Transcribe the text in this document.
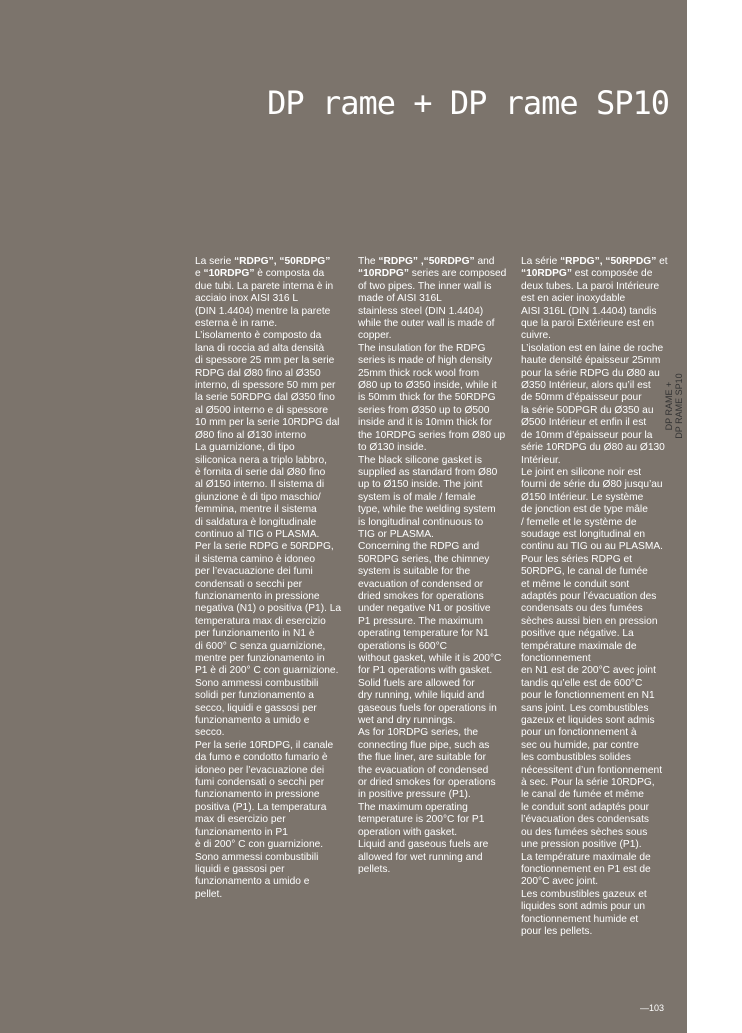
DP rame + DP rame SP10

La serie “RDPG”, “50RDPG”
e “10RDPG” è composta da
due tubi. La parete interna è in
acciaio inox AISI 316 L
(DIN 1.4404) mentre la parete
esterna è in rame.
L’isolamento è composto da
lana di roccia ad alta densità
di spessore 25 mm per la serie
RDPG dal Ø80 fino al Ø350
interno, di spessore 50 mm per
la serie 50RDPG dal Ø350 fino
al Ø500 interno e di spessore
10 mm per la serie 10RDPG dal
Ø80 fino al Ø130 interno
La guarnizione, di tipo
siliconica nera a triplo labbro,
è fornita di serie dal Ø80 fino
al Ø150 interno. Il sistema di
giunzione è di tipo maschio/
femmina, mentre il sistema
di saldatura è longitudinale
continuo al TIG o PLASMA.
Per la serie RDPG e 50RDPG,
il sistema camino è idoneo
per l’evacuazione dei fumi
condensati o secchi per
funzionamento in pressione
negativa (N1) o positiva (P1). La
temperatura max di esercizio
per funzionamento in N1 è
di 600° C senza guarnizione,
mentre per funzionamento in
P1 è di 200° C con guarnizione.
Sono ammessi combustibili
solidi per funzionamento a
secco, liquidi e gassosi per
funzionamento a umido e
secco.
Per la serie 10RDPG, il canale
da fumo e condotto fumario è
idoneo per l’evacuazione dei
fumi condensati o secchi per
funzionamento in pressione
positiva (P1). La temperatura
max di esercizio per
funzionamento in P1
è di 200° C con guarnizione.
Sono ammessi combustibili
liquidi e gassosi per
funzionamento a umido e
pellet.

The “RDPG” ,“50RDPG” and
“10RDPG” series are composed
of two pipes. The inner wall is
made of AISI 316L
stainless steel (DIN 1.4404)
while the outer wall is made of
copper.
The insulation for the RDPG
series is made of high density
25mm thick rock wool from
Ø80 up to Ø350 inside, while it
is 50mm thick for the 50RDPG
series from Ø350 up to Ø500
inside and it is 10mm thick for
the 10RDPG series from Ø80 up
to Ø130 inside.
The black silicone gasket is
supplied as standard from Ø80
up to Ø150 inside. The joint
system is of male / female
type, while the welding system
is longitudinal continuous to
TIG or PLASMA.
Concerning the RDPG and
50RDPG series, the chimney
system is suitable for the
evacuation of condensed or
dried smokes for operations
under negative N1 or positive
P1 pressure. The maximum
operating temperature for N1
operations is 600°C
without gasket, while it is 200°C
for P1 operations with gasket.
Solid fuels are allowed for
dry running, while liquid and
gaseous fuels for operations in
wet and dry runnings.
As for 10RDPG series, the
connecting flue pipe, such as
the flue liner, are suitable for
the evacuation of condensed
or dried smokes for operations
in positive pressure (P1).
The maximum operating
temperature is 200°C for P1
operation with gasket.
Liquid and gaseous fuels are
allowed for wet running and
pellets.

La série “RPDG”, “50RPDG” et
“10RDPG” est composée de
deux tubes. La paroi Intérieure
est en acier inoxydable
AISI 316L (DIN 1.4404) tandis
que la paroi Extérieure est en
cuivre.
L’isolation est en laine de roche
haute densité épaisseur 25mm
pour la série RDPG du Ø80 au
Ø350 Intérieur, alors qu’il est
de 50mm d’épaisseur pour
la série 50DPGR du Ø350 au
Ø500 Intérieur et enfin il est
de 10mm d’épaisseur pour la
série 10RDPG du Ø80 au Ø130
Intérieur.
Le joint en silicone noir est
fourni de série du Ø80 jusqu’au
Ø150 Intérieur. Le système
de jonction est de type mâle
/ femelle et le système de
soudage est longitudinal en
continu au TIG ou au PLASMA.
Pour les séries RDPG et
50RDPG, le canal de fumée
et même le conduit sont
adaptés pour l’évacuation des
condensats ou des fumées
sèches aussi bien en pression
positive que négative. La
température maximale de
fonctionnement
en N1 est de 200°C avec joint
tandis qu’elle est de 600°C
pour le fonctionnement en N1
sans joint. Les combustibles
gazeux et liquides sont admis
pour un fonctionnement à
sec ou humide, par contre
les combustibles solides
nécessitent d’un fontionnement
à sec. Pour la série 10RDPG,
le canal de fumée et même
le conduit sont adaptés pour
l’évacuation des condensats
ou des fumées sèches sous
une pression positive (P1).
La température maximale de
fonctionnement en P1 est de
200°C avec joint.
Les combustibles gazeux et
liquides sont admis pour un
fonctionnement humide et
pour les pellets.

—103
DP RAME + DP RAME SP10
